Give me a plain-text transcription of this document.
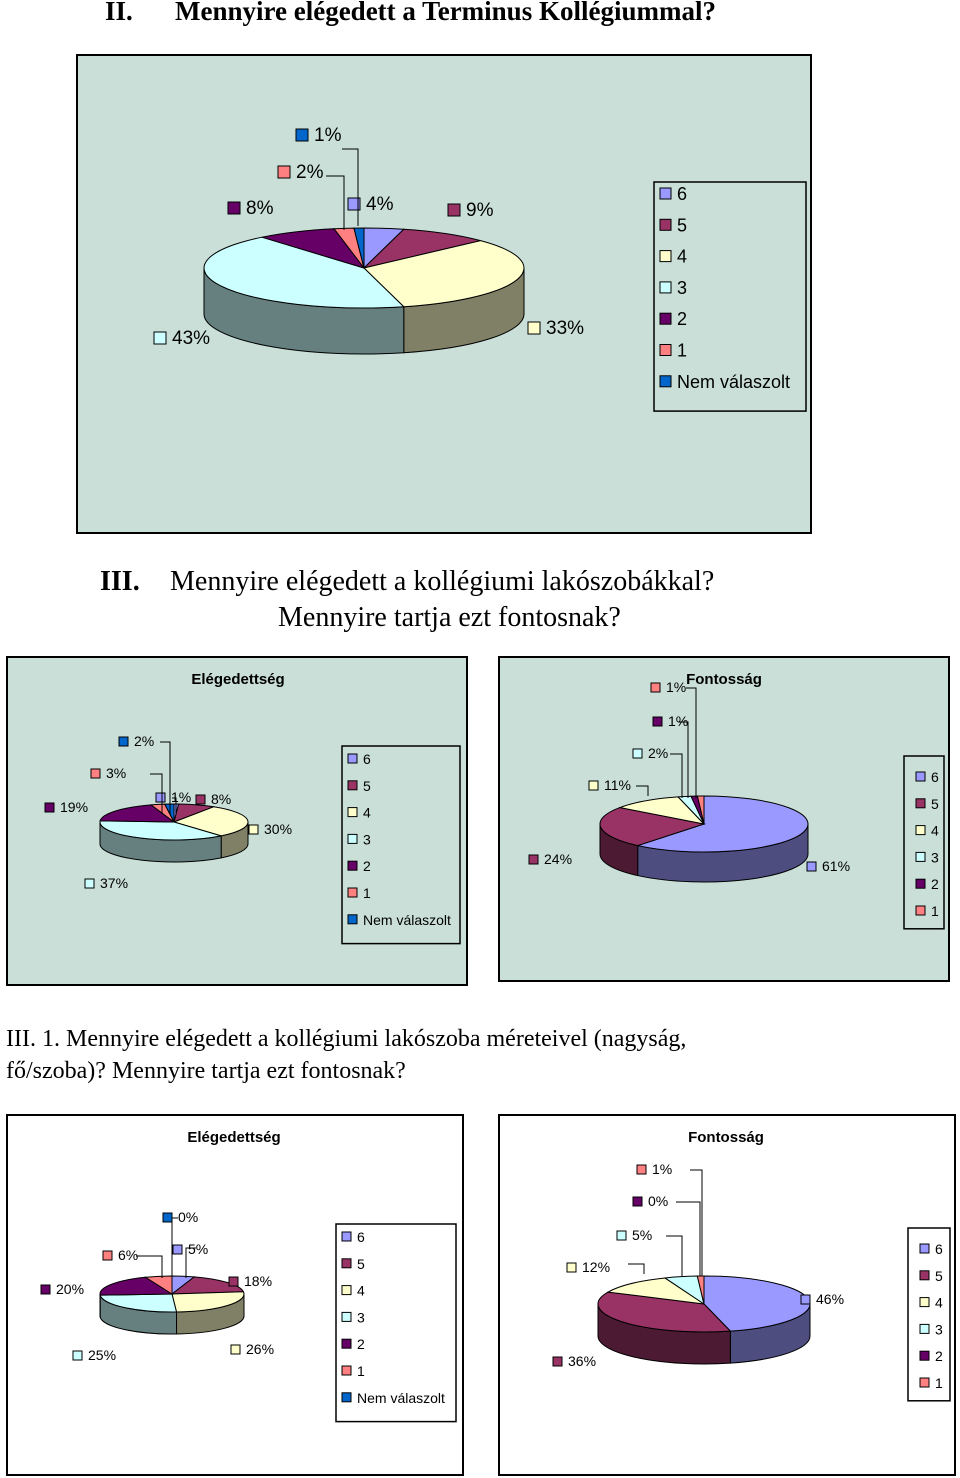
II. Mennyire elégedett a Terminus Kollégiummal?
4%	9%
33%
43%
8%
2%
1%
6
5
4
3
2
1
Nem válaszolt
III. Mennyire elégedett a kollégiumi lakószobákkal?
Mennyire tartja ezt fontosnak?
Elégedettség
1% 8%
30%
37%
19%
3%
2%
6
5
4
3
2
1
Nem válaszolt
Fontosság
61%
24%
11%
2%
1%
1%
6
5
4
3
2
1
III. 1. Mennyire elégedett a kollégiumi lakószoba méreteivel (nagyság,
fő/szoba)? Mennyire tartja ezt fontosnak?
Elégedettség
5%
18%
26%
25%
20%
6%
0%
6
5
4
3
2
1
Nem válaszolt
Fontosság
46%
36%
12%
5%
0%
1%
6
5
4
3
2
1
